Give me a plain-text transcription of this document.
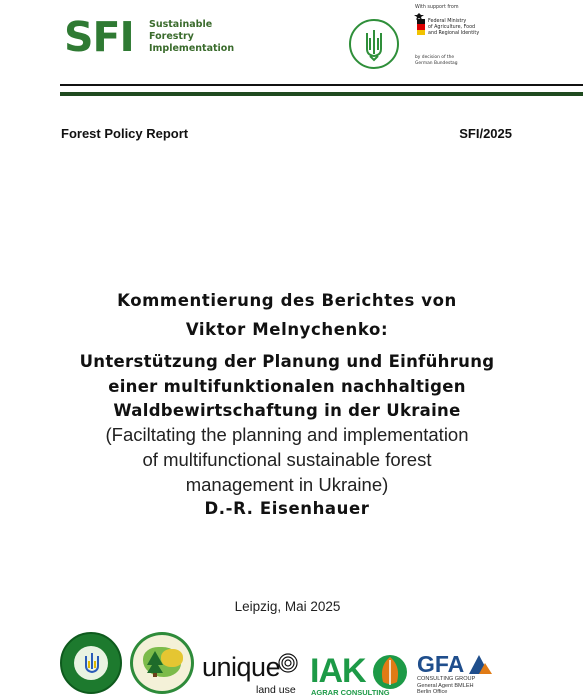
SFI Sustainable
Forestry
Implementation
With support from
Federal Ministry
of Agriculture, Food
and Regional Identity
by decision of the
German Bundestag
Forest Policy Report	SFI/2025
Kommentierung des Berichtes von
Viktor Melnychenko:
Unterstützung der Planung und Einführung
einer multifunktionalen nachhaltigen
Waldbewirtschaftung in der Ukraine
(Faciltating the planning and implementation
of multifunctional sustainable forest
management in Ukraine)
D.-R. Eisenhauer
Leipzig, Mai 2025
unique
land use IAK
AGRAR CONSULTING
GFA
CONSULTING GROUP
General Agent BMLEH
Berlin Office
